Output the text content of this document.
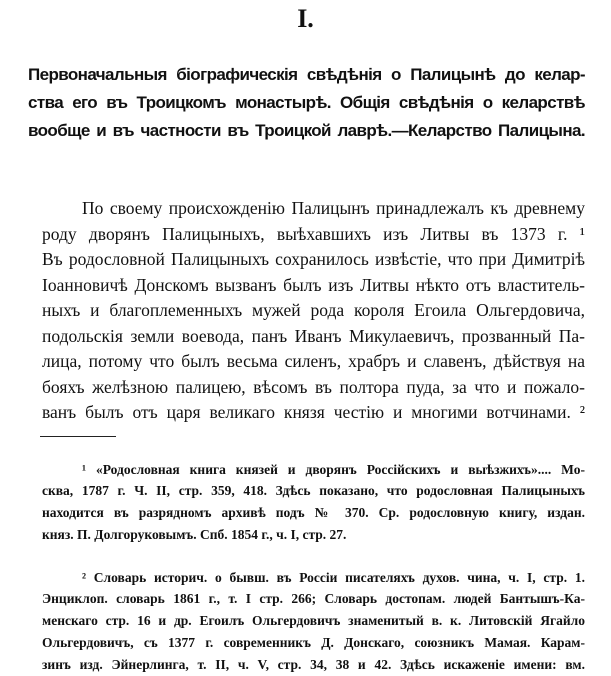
I.
Первоначальныя біографическія свѣдѣнія о Палицынѣ до келар-
ства его въ Троицкомъ монастырѣ. Общія свѣдѣнія о келарствѣ
вообще и въ частности въ Троицкой лаврѣ.—Келарство Палицына.
По своему происхожденію Палицынъ принадлежалъ къ древнему
роду дворянъ Палицыныхъ, выѣхавшихъ изъ Литвы въ 1373 г. ¹
Въ родословной Палицыныхъ сохранилось извѣстіе, что при Димитріѣ
Іоанновичѣ Донскомъ вызванъ былъ изъ Литвы нѣкто отъ властитель-
ныхъ и благоплеменныхъ мужей рода короля Егоила Ольгердовича,
подольскія земли воевода, панъ Иванъ Микулаевичъ, прозванный Па-
лица, потому что былъ весьма силенъ, храбръ и славенъ, дѣйствуя на
бояхъ желѣзною палицею, вѣсомъ въ полтора пуда, за что и пожало-
ванъ былъ отъ царя великаго князя честію и многими вотчинами. ²
¹ «Родословная книга князей и дворянъ Россійскихъ и выѣзжихъ».... Мо-
сква, 1787 г. Ч. II, стр. 359, 418. Здѣсь показано, что родословная Палицыныхъ
находится въ разрядномъ архивѣ подъ № 370. Ср. родословную книгу, издан.
княз. П. Долгоруковымъ. Спб. 1854 г., ч. I, стр. 27.
² Словарь историч. о бывш. въ Россіи писателяхъ духов. чина, ч. I, стр. 1.
Энциклоп. словарь 1861 г., т. I стр. 266; Словарь достопам. людей Бантышъ-Ка-
менскаго стр. 16 и др. Егоилъ Ольгердовичъ знаменитый в. к. Литовскій Ягайло
Ольгердовичъ, съ 1377 г. современникъ Д. Донскаго, союзникъ Мамая. Карам-
зинъ изд. Эйнерлинга, т. II, ч. V, стр. 34, 38 и 42. Здѣсь искаженіе имени: вм.
